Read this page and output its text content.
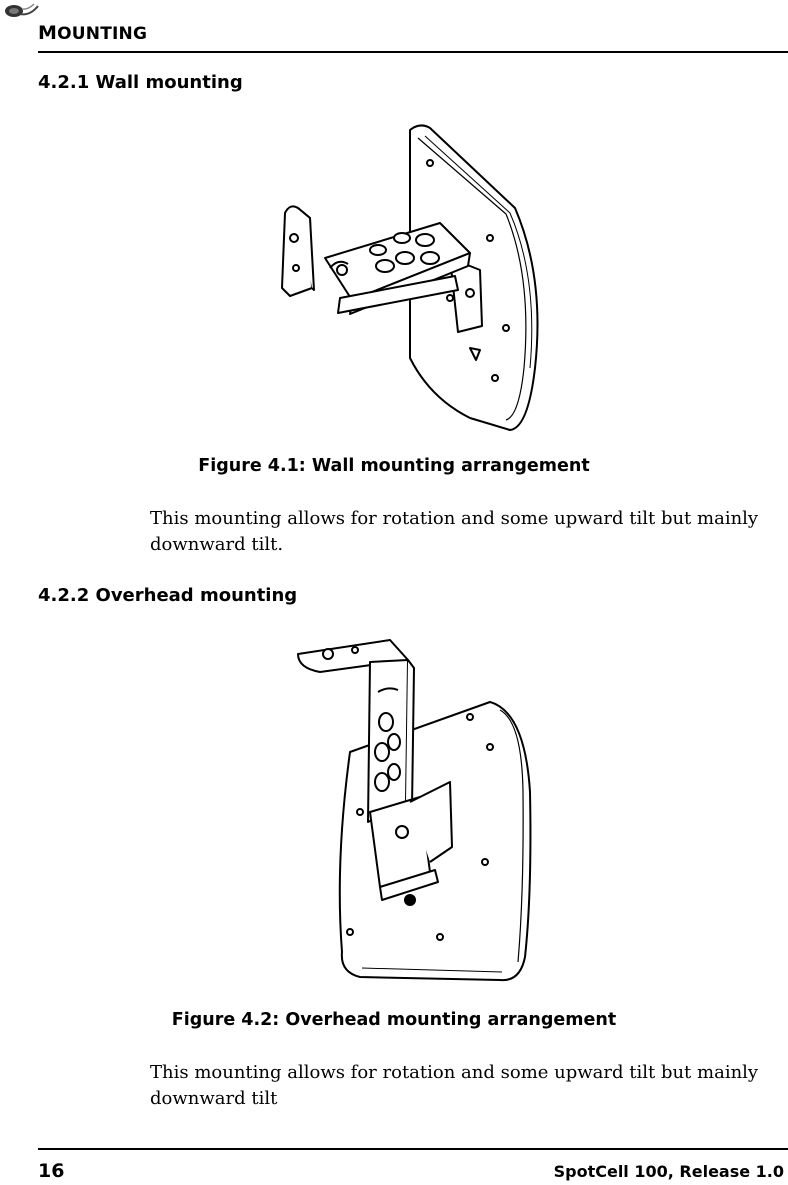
MOUNTING
4.2.1 Wall mounting
Figure 4.1: Wall mounting arrangement
This mounting allows for rotation and some upward tilt but mainly downward tilt.
4.2.2 Overhead mounting
Figure 4.2: Overhead mounting arrangement
This mounting allows for rotation and some upward tilt but mainly downward tilt
16	SpotCell 100, Release 1.0
